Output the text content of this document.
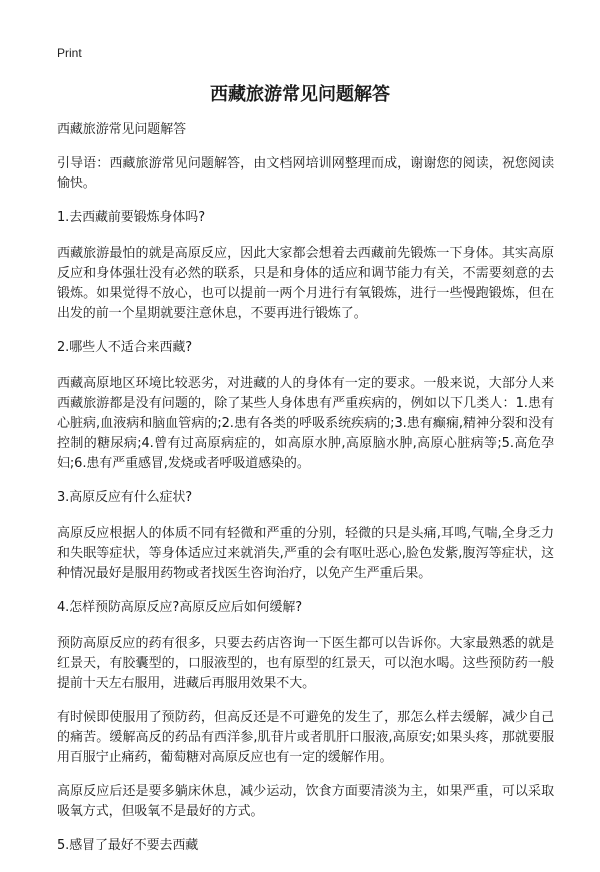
Print
西藏旅游常见问题解答

西藏旅游常见问题解答

引导语：西藏旅游常见问题解答，由文档网培训网整理而成，谢谢您的阅读，祝您阅读愉快。

1.去西藏前要锻炼身体吗?

西藏旅游最怕的就是高原反应，因此大家都会想着去西藏前先锻炼一下身体。其实高原反应和身体强壮没有必然的联系，只是和身体的适应和调节能力有关，不需要刻意的去锻炼。如果觉得不放心，也可以提前一两个月进行有氧锻炼，进行一些慢跑锻炼，但在出发的前一个星期就要注意休息，不要再进行锻炼了。

2.哪些人不适合来西藏?

西藏高原地区环境比较恶劣，对进藏的人的身体有一定的要求。一般来说，大部分人来西藏旅游都是没有问题的，除了某些人身体患有严重疾病的，例如以下几类人：1.患有心脏病,血液病和脑血管病的;2.患有各类的呼吸系统疾病的;3.患有癫痫,精神分裂和没有控制的糖尿病;4.曾有过高原病症的，如高原水肿,高原脑水肿,高原心脏病等;5.高危孕妇;6.患有严重感冒,发烧或者呼吸道感染的。

3.高原反应有什么症状?

高原反应根据人的体质不同有轻微和严重的分别，轻微的只是头痛,耳鸣,气喘,全身乏力和失眠等症状，等身体适应过来就消失,严重的会有呕吐恶心,脸色发紫,腹泻等症状，这种情况最好是服用药物或者找医生咨询治疗，以免产生严重后果。

4.怎样预防高原反应?高原反应后如何缓解?

预防高原反应的药有很多，只要去药店咨询一下医生都可以告诉你。大家最熟悉的就是红景天，有胶囊型的，口服液型的，也有原型的红景天，可以泡水喝。这些预防药一般提前十天左右服用，进藏后再服用效果不大。

有时候即使服用了预防药，但高反还是不可避免的发生了，那怎么样去缓解，减少自己的痛苦。缓解高反的药品有西洋参,肌苷片或者肌肝口服液,高原安;如果头疼，那就要服用百服宁止痛药，葡萄糖对高原反应也有一定的缓解作用。

高原反应后还是要多躺床休息，减少运动，饮食方面要清淡为主，如果严重，可以采取吸氧方式，但吸氧不是最好的方式。

5.感冒了最好不要去西藏
